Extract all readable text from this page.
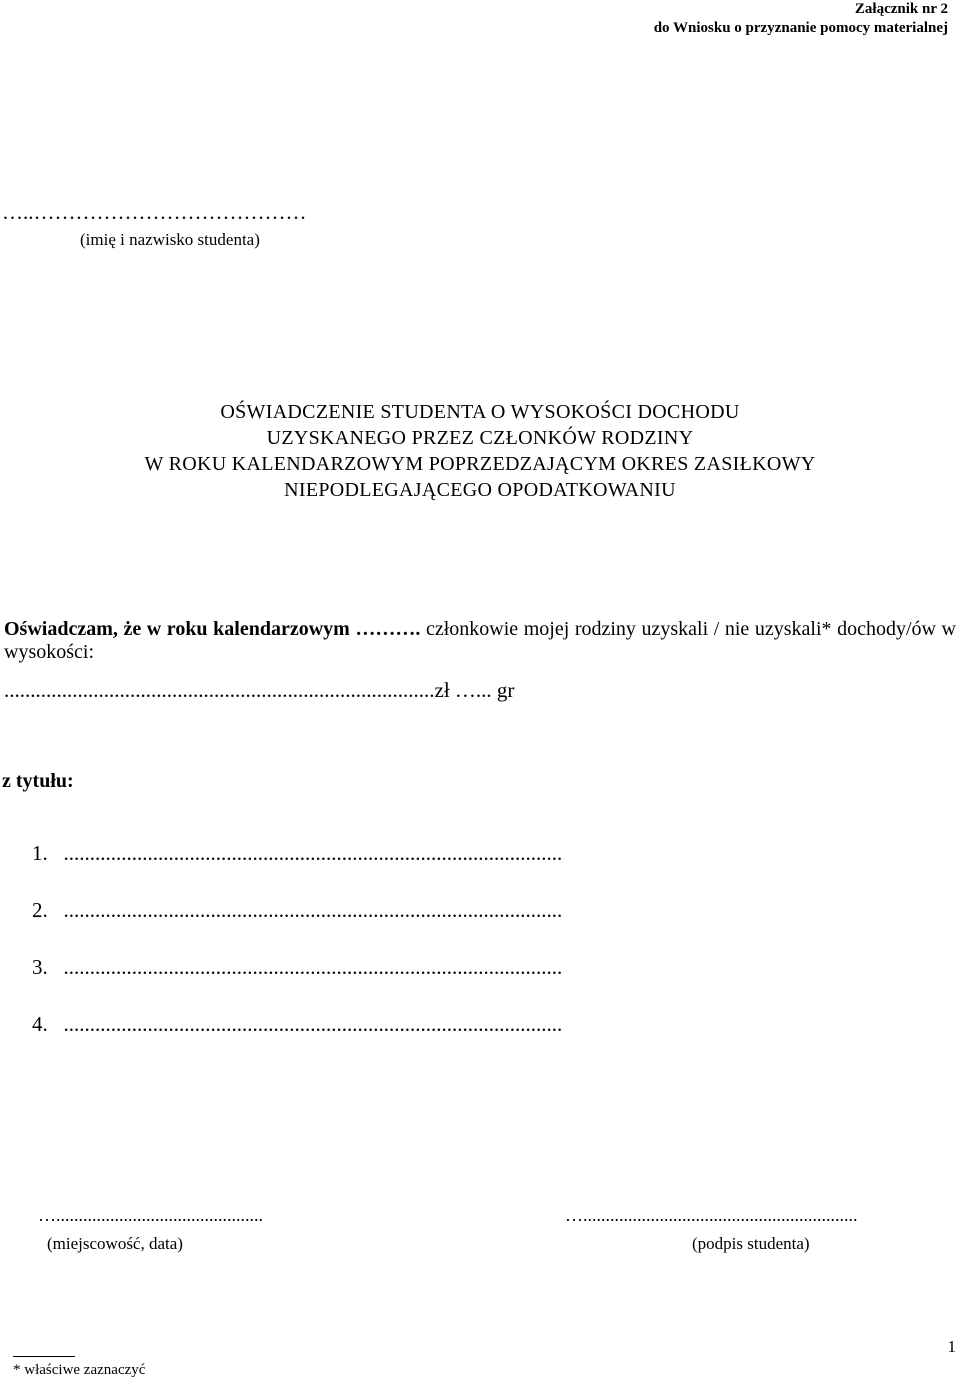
Załącznik nr 2
do Wniosku o przyznanie pomocy materialnej
…..…………………………………
(imię i nazwisko studenta)
OŚWIADCZENIE STUDENTA O WYSOKOŚCI DOCHODU
UZYSKANEGO PRZEZ CZŁONKÓW RODZINY
W ROKU KALENDARZOWYM POPRZEDZAJĄCYM OKRES ZASIŁKOWY
NIEPODLEGAJĄCEGO OPODATKOWANIU
Oświadczam, że w roku kalendarzowym ………. członkowie mojej rodziny uzyskali / nie uzyskali* dochody/ów w wysokości:
..................................................................................zł …... gr
z tytułu:
1. ...............................................................................................
2. ...............................................................................................
3. ...............................................................................................
4. ...............................................................................................
…..............................................	….............................................................
(miejscowość, data)	(podpis studenta)
* właściwe zaznaczyć
1
